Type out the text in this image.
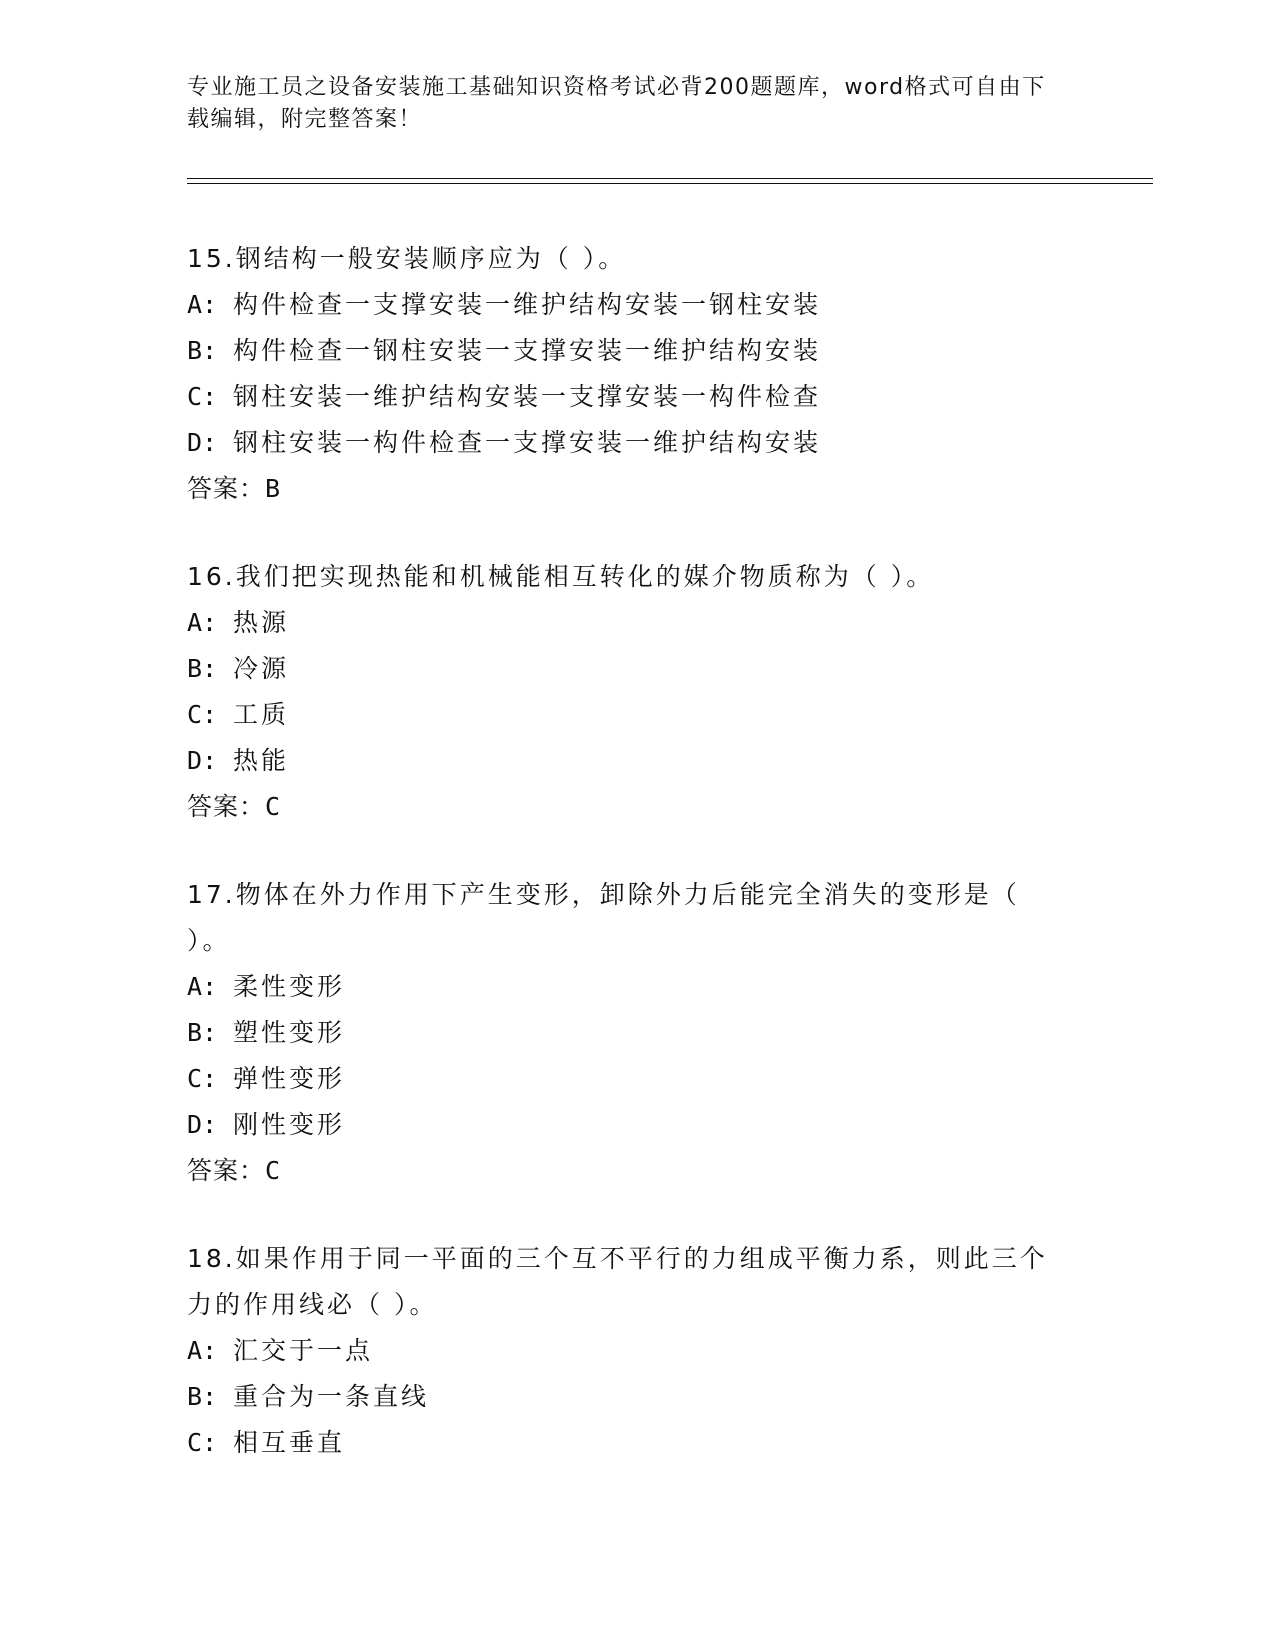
专业施工员之设备安装施工基础知识资格考试必背200题题库，word格式可自由下载编辑，附完整答案！

15.钢结构一般安装顺序应为（ ）。

A: 构件检查一支撑安装一维护结构安装一钢柱安装

B: 构件检查一钢柱安装一支撑安装一维护结构安装

C: 钢柱安装一维护结构安装一支撑安装一构件检查

D: 钢柱安装一构件检查一支撑安装一维护结构安装

答案：B

16.我们把实现热能和机械能相互转化的媒介物质称为（ ）。

A: 热源

B: 冷源

C: 工质

D: 热能

答案：C

17.物体在外力作用下产生变形，卸除外力后能完全消失的变形是（ ）。

A: 柔性变形

B: 塑性变形

C: 弹性变形

D: 刚性变形

答案：C

18.如果作用于同一平面的三个互不平行的力组成平衡力系，则此三个力的作用线必（ ）。

A: 汇交于一点

B: 重合为一条直线

C: 相互垂直
